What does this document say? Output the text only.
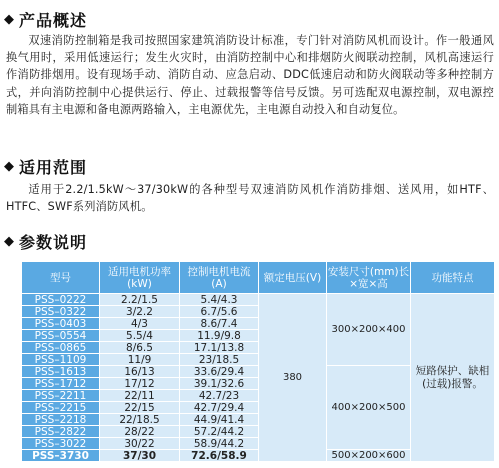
◆ 产品概述
双速消防控制箱是我司按照国家建筑消防设计标准，专门针对消防风机而设计。作一般通风换气用时，采用低速运行；发生火灾时，由消防控制中心和排烟防火阀联动控制，风机高速运行作消防排烟用。设有现场手动、消防自动、应急启动、DDC低速启动和防火阀联动等多种控制方式，并向消防控制中心提供运行、停止、过载报警等信号反馈。另可选配双电源控制，双电源控制箱具有主电源和备电源两路输入，主电源优先，主电源自动投入和自动复位。
◆ 适用范围
适用于2.2/1.5kW～37/30kW的各种型号双速消防风机作消防排烟、送风用，如HTF、HTFC、SWF系列消防风机。
◆ 参数说明
型号	适用电机功率(kW)	控制电机电流(A)	额定电压(V)	安装尺寸(mm)长×宽×高	功能特点
PSS–0222	2.2/1.5	5.4/4.3	380	300×200×400	短路保护、缺相(过载)报警。
PSS–0322	3/2.2	6.7/5.6			
PSS–0403	4/3	8.6/7.4			
PSS–0554	5.5/4	11.9/9.8			
PSS–0865	8/6.5	17.1/13.8			
PSS–1109	11/9	23/18.5			
PSS–1613	16/13	33.6/29.4		400×200×500	
PSS–1712	17/12	39.1/32.6			
PSS–2211	22/11	42.7/23			
PSS–2215	22/15	42.7/29.4			
PSS–2218	22/18.5	44.9/41.4			
PSS–2822	28/22	57.2/44.2			
PSS–3022	30/22	58.9/44.2			
PSS–3730	37/30	72.6/58.9		500×200×600	
